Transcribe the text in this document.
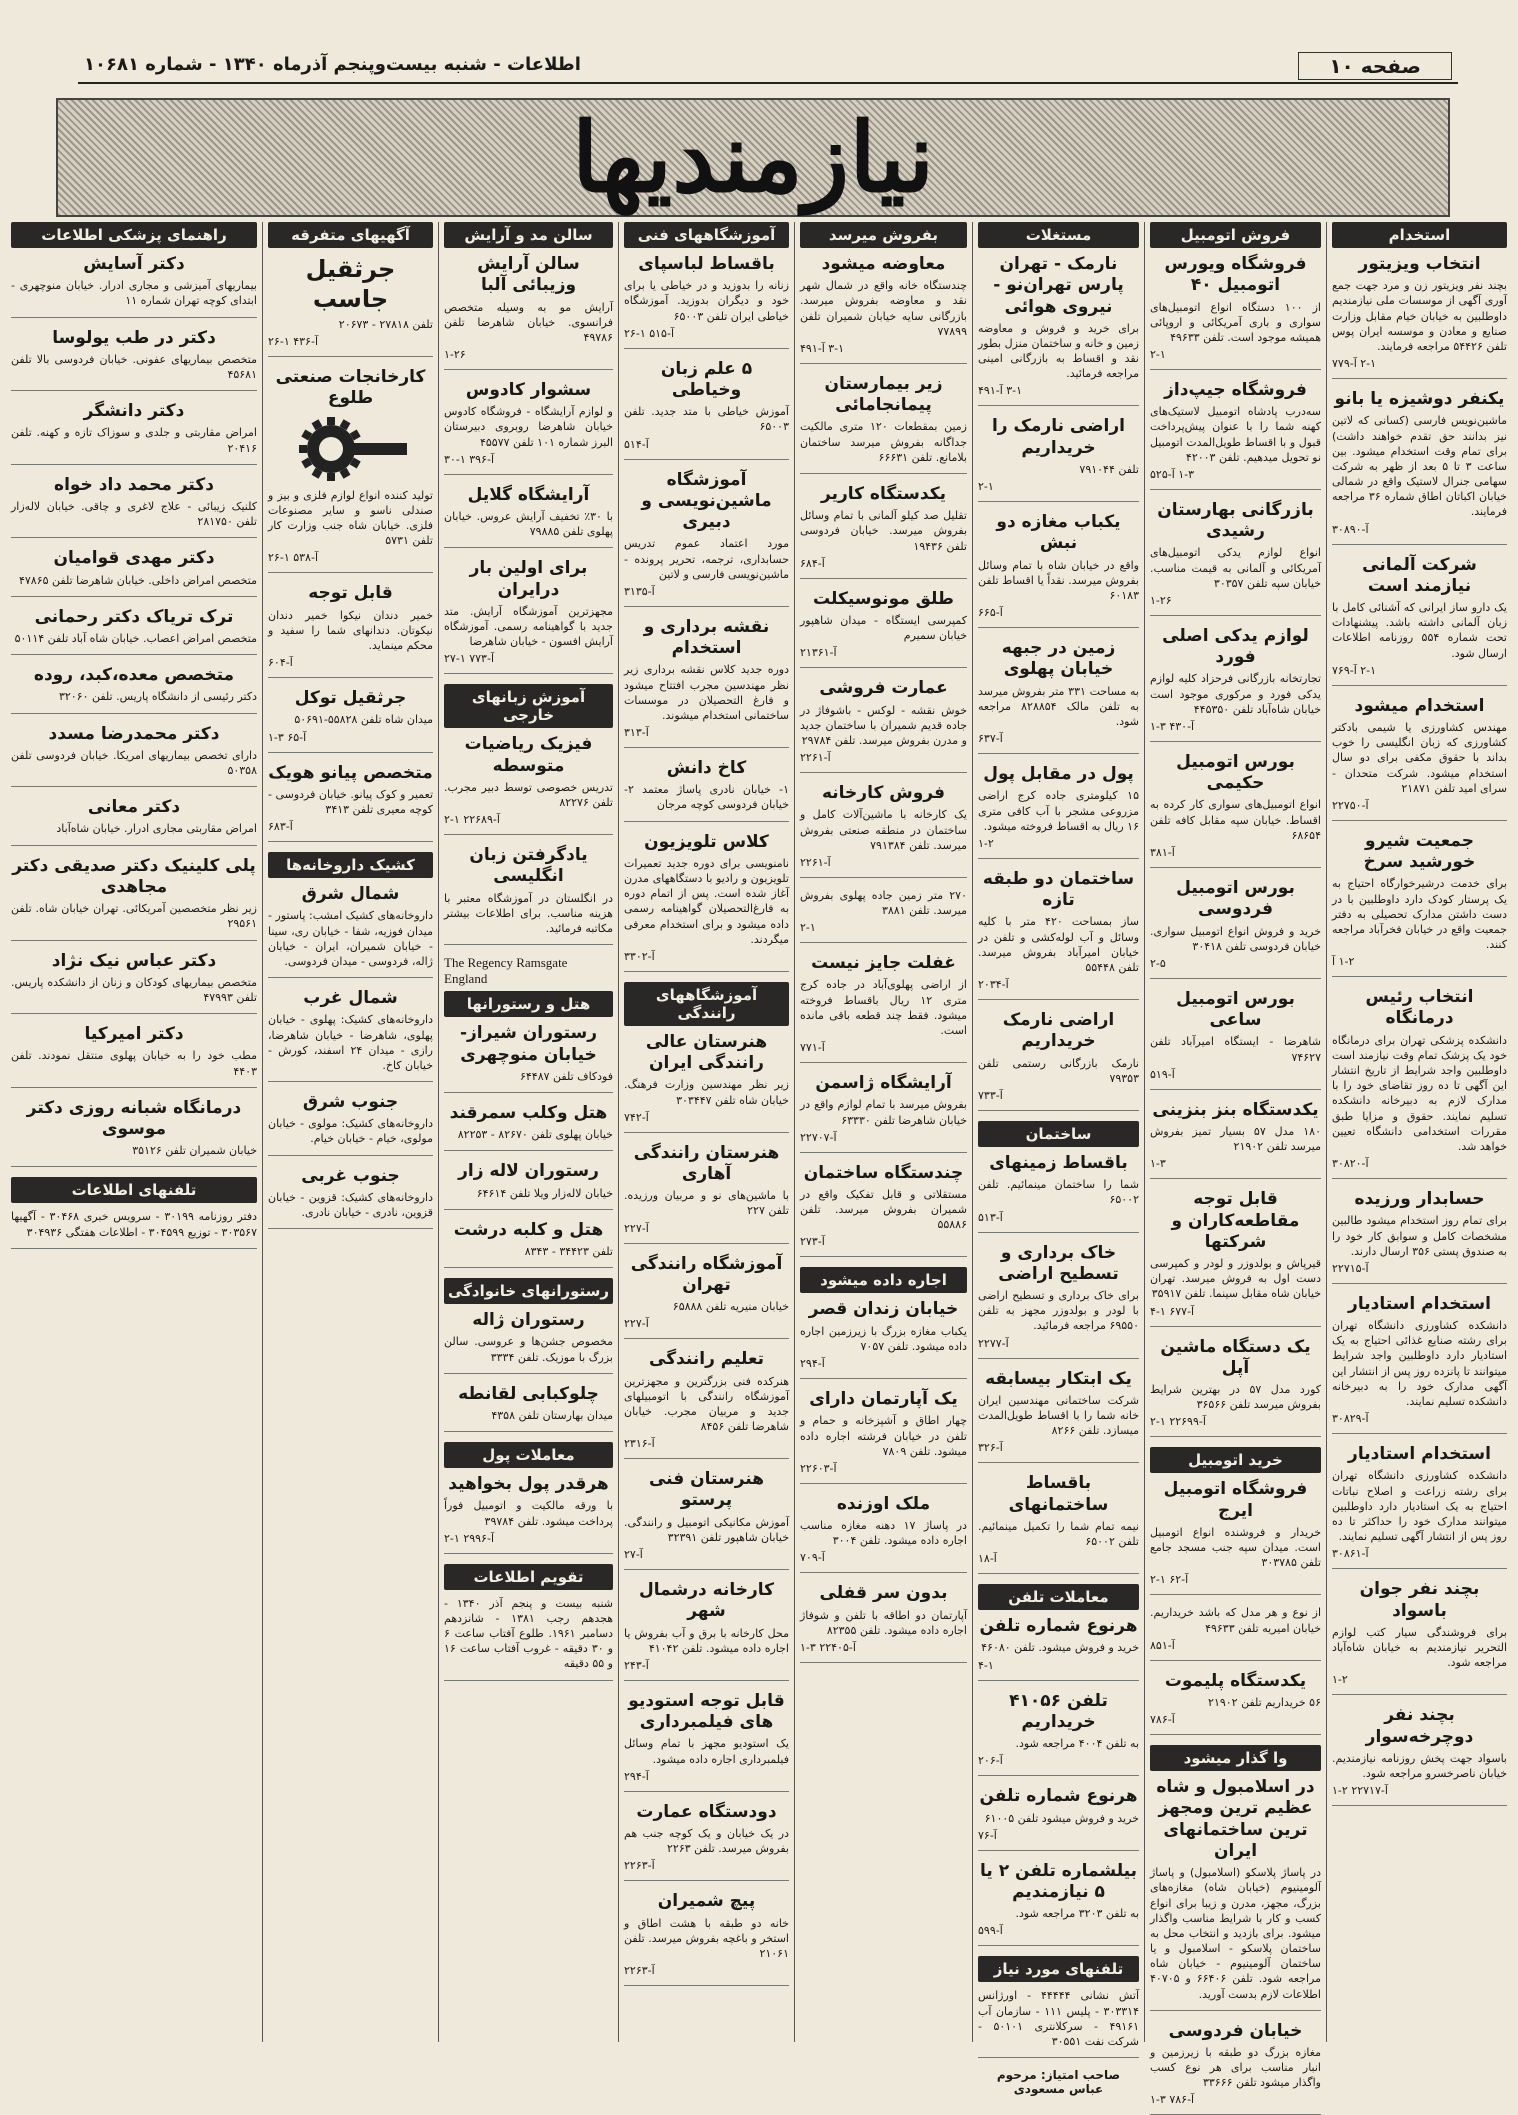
صفحه ۱۰
اطلاعات - شنبه بیست‌وپنجم آذرماه ۱۳۴۰ - شماره ۱۰۶۸۱
نیازمندیها
استخدام
انتخاب ویزیتور

بچند نفر ویزیتور زن و مرد جهت جمع آوری آگهی از موسسات ملی نیازمندیم داوطلبین به خیابان خیام مقابل وزارت صنایع و معادن و موسسه ایران پوس تلفن ۵۴۴۲۶ مراجعه فرمایند.

۲-۱ آ-۷۷۹
یکنفر دوشیزه یا بانو

ماشین‌نویس فارسی (کسانی که لاتین نیز بدانند حق تقدم خواهند داشت) برای تمام وقت استخدام میشود. بین ساعت ۳ تا ۵ بعد از ظهر به شرکت سهامی جنرال لاستیک واقع در شمالی خیابان اکباتان اطاق شماره ۳۶ مراجعه فرمایند.

آ-۳۰۸۹۰
شرکت آلمانی نیازمند است

یک دارو ساز ایرانی که آشنائی کامل با زبان آلمانی داشته باشد. پیشنهادات تحت شماره ۵۵۴ روزنامه اطلاعات ارسال شود.

۲-۱ آ-۷۶۹
استخدام میشود

مهندس کشاورزی یا شیمی بادکتر کشاورزی که زبان انگلیسی را خوب بداند با حقوق مکفی برای دو سال استخدام میشود. شرکت متحدان - سرای امید تلفن ۲۱۸۷۱

آ-۲۲۷۵۰
جمعیت شیرو خورشید سرخ

برای خدمت درشیرخوارگاه احتیاج به یک پرستار کودک دارد داوطلبین با در دست داشتن مدارک تحصیلی به دفتر جمعیت واقع در خیابان فخرآباد مراجعه کنند.

۱-۲ آ
انتخاب رئیس درمانگاه

دانشکده پزشکی تهران برای درمانگاه خود یک پزشک تمام وقت نیازمند است داوطلبین واجد شرایط از تاریخ انتشار این آگهی تا ده روز تقاضای خود را با مدارک لازم به دبیرخانه دانشکده تسلیم نمایند. حقوق و مزایا طبق مقررات استخدامی دانشگاه تعیین خواهد شد.

آ-۳۰۸۲۰
حسابدار ورزیده

برای تمام روز استخدام میشود طالبین مشخصات کامل و سوابق کار خود را به صندوق پستی ۳۵۶ ارسال دارند.

آ-۲۲۷۱۵
استخدام استادیار

دانشکده کشاورزی دانشگاه تهران برای رشته صنایع غذائی احتیاج به یک استادیار دارد داوطلبین واجد شرایط میتوانند تا پانزده روز پس از انتشار این آگهی مدارک خود را به دبیرخانه دانشکده تسلیم نمایند.

آ-۳۰۸۲۹
استخدام استادیار

دانشکده کشاورزی دانشگاه تهران برای رشته زراعت و اصلاح نباتات احتیاج به یک استادیار دارد داوطلبین میتوانند مدارک خود را حداکثر تا ده روز پس از انتشار آگهی تسلیم نمایند.

آ-۳۰۸۶۱
بچند نفر جوان باسواد

برای فروشندگی سیار کتب لوازم التحریر نیازمندیم به خیابان شاه‌آباد مراجعه شود.

۱-۲
بچند نفر دوچرخه‌سوار

باسواد جهت پخش روزنامه نیازمندیم. خیابان ناصرخسرو مراجعه شود.

آ-۲۲۷۱۷ ۲-۱
فروش اتومبیل
فروشگاه ویورس اتومبیل ۴۰

از ۱۰۰ دستگاه انواع اتومبیل‌های سواری و باری آمریکائی و اروپائی همیشه موجود است. تلفن ۴۹۶۳۳

۲-۱
فروشگاه جیپ‌داز

سه‌درب پادشاه اتومبیل لاستیک‌های کهنه شما را با عنوان پیش‌پرداخت قبول و با اقساط طویل‌المدت اتومبیل نو تحویل میدهیم. تلفن ۴۲۰۰۳

۱-۳ آ-۵۲۵
بازرگانی بهارستان رشیدی

انواع لوازم یدکی اتومبیل‌های آمریکائی و آلمانی به قیمت مناسب. خیابان سپه تلفن ۳۰۳۵۷

۱-۲۶
لوازم یدکی اصلی فورد

تجارتخانه بازرگانی فرحزاد کلیه لوازم یدکی فورد و مرکوری موجود است خیابان شاه‌آباد تلفن ۴۴۵۳۵۰

آ-۴۳۰ ۳-۱
بورس اتومبیل حکیمی

انواع اتومبیل‌های سواری کار کرده به اقساط. خیابان سپه مقابل کافه تلفن ۶۸۶۵۴

آ-۳۸۱
بورس اتومبیل فردوسی

خرید و فروش انواع اتومبیل سواری. خیابان فردوسی تلفن ۳۰۴۱۸

۲-۵
بورس اتومبیل ساعی

شاهرضا - ایستگاه امیرآباد تلفن ۷۴۶۲۷

آ-۵۱۹
یکدستگاه بنز بنزینی

۱۸۰ مدل ۵۷ بسیار تمیز بفروش میرسد تلفن ۲۱۹۰۲

۱-۳
قابل توجه مقاطعه‌کاران و شرکتها

قیرپاش و بولدوزر و لودر و کمپرسی دست اول به فروش میرسد. تهران خیابان شاه مقابل سینما. تلفن ۳۵۹۱۷

آ-۶۷۷ ۱-۴
یک دستگاه ماشین آپل

کورد مدل ۵۷ در بهترین شرایط بفروش میرسد تلفن ۳۶۵۶۶

آ-۲۲۶۹۹ ۱-۲
خرید اتومبیل
فروشگاه اتومبیل ایرج

خریدار و فروشنده انواع اتومبیل است. میدان سپه جنب مسجد جامع تلفن ۳۰۳۷۸۵

آ-۶۲ ۱-۲

از نوع و هر مدل که باشد خریداریم. خیابان امیریه تلفن ۴۹۶۳۳

آ-۸۵۱
یکدستگاه پلیموت

۵۶ خریداریم تلفن ۲۱۹۰۲

آ-۷۸۶
وا گذار میشود
در اسلامبول و شاه عظیم ترین ومجهز ترین ساختمانهای ایران

در پاساژ پلاسکو (اسلامبول) و پاساژ آلومینیوم (خیابان شاه) مغازه‌های بزرگ، مجهز، مدرن و زیبا برای انواع کسب و کار با شرایط مناسب واگذار میشود. برای بازدید و انتخاب محل به ساختمان پلاسکو - اسلامبول و یا ساختمان آلومینیوم - خیابان شاه مراجعه شود. تلفن ۶۶۴۰۶ و ۴۰۷۰۵ اطلاعات لازم بدست آورید.

خیابان فردوسی

مغازه بزرگ دو طبقه با زیرزمین و انبار مناسب برای هر نوع کسب واگذار میشود تلفن ۳۳۶۶۶

آ-۷۸۶ ۳-۱
مستغلات
نارمک - تهران پارس تهران‌نو - نیروی هوائی

برای خرید و فروش و معاوضه زمین و خانه و ساختمان منزل بطور نقد و اقساط به بازرگانی امینی مراجعه فرمائید.

۳-۱ آ-۴۹۱
اراضی نارمک را خریداریم

تلفن ۷۹۱۰۴۴

۲-۱
یکباب مغازه دو نبش

واقع در خیابان شاه با تمام وسائل بفروش میرسد. نقداً یا اقساط تلفن ۶۰۱۸۳

آ-۶۶۵
زمین در جبهه خیابان پهلوی

به مساحت ۳۳۱ متر بفروش میرسد به تلفن مالک ۸۲۸۸۵۴ مراجعه شود.

آ-۶۳۷
پول در مقابل پول

۱۵ کیلومتری جاده کرج اراضی مزروعی مشجر با آب کافی متری ۱۶ ریال به اقساط فروخته میشود.

۱-۲
ساختمان دو طبقه تازه

ساز بمساحت ۴۲۰ متر با کلیه وسائل و آب لوله‌کشی و تلفن در خیابان امیرآباد بفروش میرسد. تلفن ۵۵۴۴۸

آ-۲۰۳۴
اراضی نارمک خریداریم

نارمک بازرگانی رستمی تلفن ۷۹۳۵۳

آ-۷۳۳
ساختمان
باقساط زمینهای

شما را ساختمان مینمائیم. تلفن ۶۵۰۰۲

آ-۵۱۳
خاک برداری و تسطیح اراضی

برای خاک برداری و تسطیح اراضی با لودر و بولدوزر مجهز به تلفن ۶۹۵۵۰ مراجعه فرمائید.

آ-۲۲۷۷
یک ابتکار بیسابقه

شرکت ساختمانی مهندسین ایران خانه شما را با اقساط طویل‌المدت میسازد. تلفن ۸۲۶۶

آ-۳۲۶
باقساط ساختمانهای

نیمه تمام شما را تکمیل مینمائیم. تلفن ۶۵۰۰۲

آ-۱۸
معاملات تلفن
هرنوع شماره تلفن

خرید و فروش میشود. تلفن ۴۶۰۸۰

۴-۱
تلفن ۴۱۰۵۶ خریداریم

به تلفن ۴۰۰۴ مراجعه شود.

آ-۲۰۶
هرنوع شماره تلفن

خرید و فروش میشود تلفن ۶۱۰۰۵

آ-۷۶
بیلشماره تلفن ۲ یا ۵ نیازمندیم

به تلفن ۳۲۰۳ مراجعه شود.

آ-۵۹۹
تلفنهای مورد نیاز

آتش نشانی ۴۴۴۴۴ - اورژانس ۳۰۳۳۱۴ - پلیس ۱۱۱ - سازمان آب ۴۹۱۶۱ - سرکلانتری ۵۰۱۰۱ - شرکت نفت ۳۰۵۵۱

صاحب امتیاز: مرحوم عباس مسعودی
بفروش میرسد
معاوضه میشود

چندستگاه خانه واقع در شمال شهر نقد و معاوضه بفروش میرسد. بازرگانی سایه خیابان شمیران تلفن ۷۷۸۹۹

۳-۱ آ-۴۹۱
زیر بیمارستان پیمانجامائی

زمین بمقطعات ۱۲۰ متری مالکیت جداگانه بفروش میرسد ساختمان بلامانع. تلفن ۶۶۶۳۱

یکدستگاه کاریر

تقلیل صد کیلو آلمانی با تمام وسائل بفروش میرسد. خیابان فردوسی تلفن ۱۹۴۳۶

آ-۶۸۴
طلق مونوسیکلت

کمپرسی ایستگاه - میدان شاهپور خیابان سمیرم

آ-۲۱۳۶۱
عمارت فروشی

خوش نقشه - لوکس - باشوفاژ در جاده قدیم شمیران با ساختمان جدید و مدرن بفروش میرسد. تلفن ۲۹۷۸۴

آ-۲۲۶۱
فروش کارخانه

یک کارخانه با ماشین‌آلات کامل و ساختمان در منطقه صنعتی بفروش میرسد. تلفن ۷۹۱۳۸۴

آ-۲۲۶۱

۲۷۰ متر زمین جاده پهلوی بفروش میرسد. تلفن ۳۸۸۱

۲-۱
غفلت جایز نیست

از اراضی پهلوی‌آباد در جاده کرج متری ۱۲ ریال باقساط فروخته میشود. فقط چند قطعه باقی مانده است.

آ-۷۷۱
آرایشگاه ژاسمن

بفروش میرسد با تمام لوازم واقع در خیابان شاهرضا تلفن ۶۳۳۳۰

آ-۲۲۷۰۷
چندستگاه ساختمان

مستقلاتی و قابل تفکیک واقع در شمیران بفروش میرسد. تلفن ۵۵۸۸۶

آ-۲۷۳
اجاره داده میشود
خیابان زندان قصر

یکباب مغازه بزرگ با زیرزمین اجاره داده میشود. تلفن ۷۰۵۷

آ-۲۹۴
یک آپارتمان دارای

چهار اطاق و آشپزخانه و حمام و تلفن در خیابان فرشته اجاره داده میشود. تلفن ۷۸۰۹

آ-۲۲۶۰۳
ملک اوزنده

در پاساژ ۱۷ دهنه مغازه مناسب اجاره داده میشود. تلفن ۳۰۰۴

آ-۷۰۹
بدون سر قفلی

آپارتمان دو اطاقه با تلفن و شوفاژ اجاره داده میشود. تلفن ۸۲۳۵۵

آ-۲۲۴۰۵ ۳-۱
آموزشگاههای فنی
باقساط لباسپای

زنانه را بدوزید و در خیاطی یا برای خود و دیگران بدوزید. آموزشگاه خیاطی ایران تلفن ۶۵۰۰۳

آ-۵۱۵ ۱-۲۶
۵ علم زبان وخیاطی

آموزش خیاطی با متد جدید. تلفن ۶۵۰۰۳

آ-۵۱۴
آموزشگاه ماشین‌نویسی و دبیری

مورد اعتماد عموم تدریس حسابداری، ترجمه، تحریر پرونده - ماشین‌نویسی فارسی و لاتین

آ-۳۱۳۵
نقشه برداری و استخدام

دوره جدید کلاس نقشه برداری زیر نظر مهندسین مجرب افتتاح میشود و فارغ التحصیلان در موسسات ساختمانی استخدام میشوند.

آ-۳۱۳
کاخ دانش

۱- خیابان نادری پاساژ معتمد ۲- خیابان فردوسی کوچه مرجان

کلاس تلویزیون

نامنویسی برای دوره جدید تعمیرات تلویزیون و رادیو با دستگاههای مدرن آغاز شده است. پس از اتمام دوره به فارغ‌التحصیلان گواهینامه رسمی داده میشود و برای استخدام معرفی میگردند.

آ-۳۳۰۲
آموزشگاههای رانندگی
هنرستان عالی رانندگی ایران

زیر نظر مهندسین وزارت فرهنگ. خیابان شاه تلفن ۳۰۳۴۴۷

آ-۷۴۲
هنرستان رانندگی آهاری

با ماشین‌های نو و مربیان ورزیده. تلفن ۲۲۷

آ-۲۲۷
آموزشگاه رانندگی تهران

خیابان منیریه تلفن ۶۵۸۸۸

آ-۲۲۷
تعلیم رانندگی

هنرکده فنی بزرگترین و مجهزترین آموزشگاه رانندگی با اتومبیلهای جدید و مربیان مجرب. خیابان شاهرضا تلفن ۸۴۵۶

آ-۲۳۱۶
هنرستان فنی پرستو

آموزش مکانیکی اتومبیل و رانندگی. خیابان شاهپور تلفن ۳۲۳۹۱

آ-۲۷
کارخانه درشمال شهر

محل کارخانه با برق و آب بفروش یا اجاره داده میشود. تلفن ۴۱۰۴۲

آ-۲۴۳
قابل توجه استودیو های فیلمبرداری

یک استودیو مجهز با تمام وسائل فیلمبرداری اجاره داده میشود.

آ-۲۹۴
دودستگاه عمارت

در یک خیابان و یک کوچه جنب هم بفروش میرسد. تلفن ۲۲۶۳

آ-۲۲۶۳
پیچ شمیران

خانه دو طبقه با هشت اطاق و استخر و باغچه بفروش میرسد. تلفن ۲۱۰۶۱

آ-۲۲۶۳
سالن مد و آرایش
سالن آرایش وزیبائی آلبا

آرایش مو به وسیله متخصص فرانسوی. خیابان شاهرضا تلفن ۴۹۷۸۶

۱-۲۶
سشوار کادوس

و لوازم آرایشگاه - فروشگاه کادوس خیابان شاهرضا روبروی دبیرستان البرز شماره ۱۰۱ تلفن ۴۵۵۷۷

آ-۳۹۶ ۱-۳۰
آرایشگاه گلایل

با ۳۰٪ تخفیف آرایش عروس. خیابان پهلوی تلفن ۷۹۸۸۵

برای اولین بار درایران

مجهزترین آموزشگاه آرایش. متد جدید با گواهینامه رسمی. آموزشگاه آرایش افسون - خیابان شاهرضا

آ-۷۷۳ ۱-۲۷
آموزش زبانهای خارجی
فیزیک ریاضیات متوسطه

تدریس خصوصی توسط دبیر مجرب. تلفن ۸۲۲۷۶

آ-۲۲۶۸۹ ۱-۲
یادگرفتن زبان انگلیسی

در انگلستان در آموزشگاه معتبر با هزینه مناسب. برای اطلاعات بیشتر مکاتبه فرمائید.

The Regency Ramsgate England
هتل و رستورانها
رستوران شیراز-خیابان منوچهری

فودکاف تلفن ۶۴۴۸۷

هتل وکلب سمرقند

خیابان پهلوی تلفن ۸۲۶۷۰ - ۸۲۲۵۳

رستوران لاله زار

خیابان لاله‌زار ویلا تلفن ۶۴۶۱۴

هتل و کلبه درشت

تلفن ۳۴۴۲۳ - ۸۳۴۳

رستورانهای خانوادگی
رستوران ژاله

مخصوص جشن‌ها و عروسی. سالن بزرگ با موزیک. تلفن ۳۳۳۴

چلوکبابی لقانطه

میدان بهارستان تلفن ۴۳۵۸

معاملات پول
هرقدر پول بخواهید

با ورقه مالکیت و اتومبیل فوراً پرداخت میشود. تلفن ۳۹۷۸۴

آ-۲۹۹۶ ۱-۲
تقویم اطلاعات

شنبه بیست و پنجم آذر ۱۳۴۰ - هجدهم رجب ۱۳۸۱ - شانزدهم دسامبر ۱۹۶۱. طلوع آفتاب ساعت ۶ و ۳۰ دقیقه - غروب آفتاب ساعت ۱۶ و ۵۵ دقیقه

آگهیهای متفرقه
جرثقیل جاسب

تلفن ۲۷۸۱۸ - ۲۰۶۷۳

آ-۴۳۶ ۱-۲۶
کارخانجات صنعتی طلوع

تولید کننده انواع لوازم فلزی و بیز و صندلی ناسو و سایر مصنوعات فلزی. خیابان شاه جنب وزارت کار تلفن ۵۷۳۱

آ-۵۳۸ ۱-۲۶
قابل توجه

خمیر دندان نیکوا خمیر دندان نیکوتان. دندانهای شما را سفید و محکم مینماید.

آ-۶۰۴
جرثقیل توکل

میدان شاه تلفن ۵۵۸۲۸-۵۰۶۹۱

آ-۶۵ ۳-۱
متخصص پیانو هویک

تعمیر و کوک پیانو. خیابان فردوسی - کوچه معیری تلفن ۳۴۱۳

آ-۶۸۳
کشیک داروخانه‌ها
شمال شرق

داروخانه‌های کشیک امشب: پاستور - میدان فوزیه، شفا - خیابان ری، سینا - خیابان شمیران، ایران - خیابان ژاله، فردوسی - میدان فردوسی.

شمال غرب

داروخانه‌های کشیک: پهلوی - خیابان پهلوی، شاهرضا - خیابان شاهرضا، رازی - میدان ۲۴ اسفند، کورش - خیابان کاخ.

جنوب شرق

داروخانه‌های کشیک: مولوی - خیابان مولوی، خیام - خیابان خیام.

جنوب غربی

داروخانه‌های کشیک: قزوین - خیابان قزوین، نادری - خیابان نادری.

راهنمای پزشکی اطلاعات
دکتر آسایش

بیماریهای آمیزشی و مجاری ادرار. خیابان منوچهری - ابتدای کوچه تهران شماره ۱۱

دکتر در طب یولوسا

متخصص بیماریهای عفونی. خیابان فردوسی بالا تلفن ۴۵۶۸۱

دکتر دانشگر

امراض مقاربتی و جلدی و سوزاک تازه و کهنه. تلفن ۲۰۴۱۶

دکتر محمد داد خواه

کلنیک زیبائی - علاج لاغری و چاقی. خیابان لاله‌زار تلفن ۲۸۱۷۵۰

دکتر مهدی قوامیان

متخصص امراض داخلی. خیابان شاهرضا تلفن ۴۷۸۶۵

ترک تریاک دکتر رحمانی

متخصص امراض اعصاب. خیابان شاه آباد تلفن ۵۰۱۱۴

متخصص معده،کبد، روده

دکتر رئیسی از دانشگاه پاریس. تلفن ۳۲۰۶۰

دکتر محمدرضا مسدد

دارای تخصص بیماریهای امریکا. خیابان فردوسی تلفن ۵۰۳۵۸

دکتر معانی

امراض مقاربتی مجاری ادرار. خیابان شاه‌آباد

پلی کلینیک دکتر صدیقی دکتر مجاهدی

زیر نظر متخصصین آمریکائی. تهران خیابان شاه. تلفن ۲۹۵۶۱

دکتر عباس نیک نژاد

متخصص بیماریهای کودکان و زنان از دانشکده پاریس. تلفن ۴۷۹۹۳

دکتر امیرکیا

مطب خود را به خیابان پهلوی منتقل نمودند. تلفن ۴۴۰۳

درمانگاه شبانه روزی دکتر موسوی

خیابان شمیران تلفن ۳۵۱۲۶

تلفنهای اطلاعات

دفتر روزنامه ۳۰۱۹۹ - سرویس خبری ۳۰۴۶۸ - آگهیها ۳۰۳۵۶۷ - توزیع ۳۰۴۵۹۹ - اطلاعات هفتگی ۳۰۴۹۳۶
